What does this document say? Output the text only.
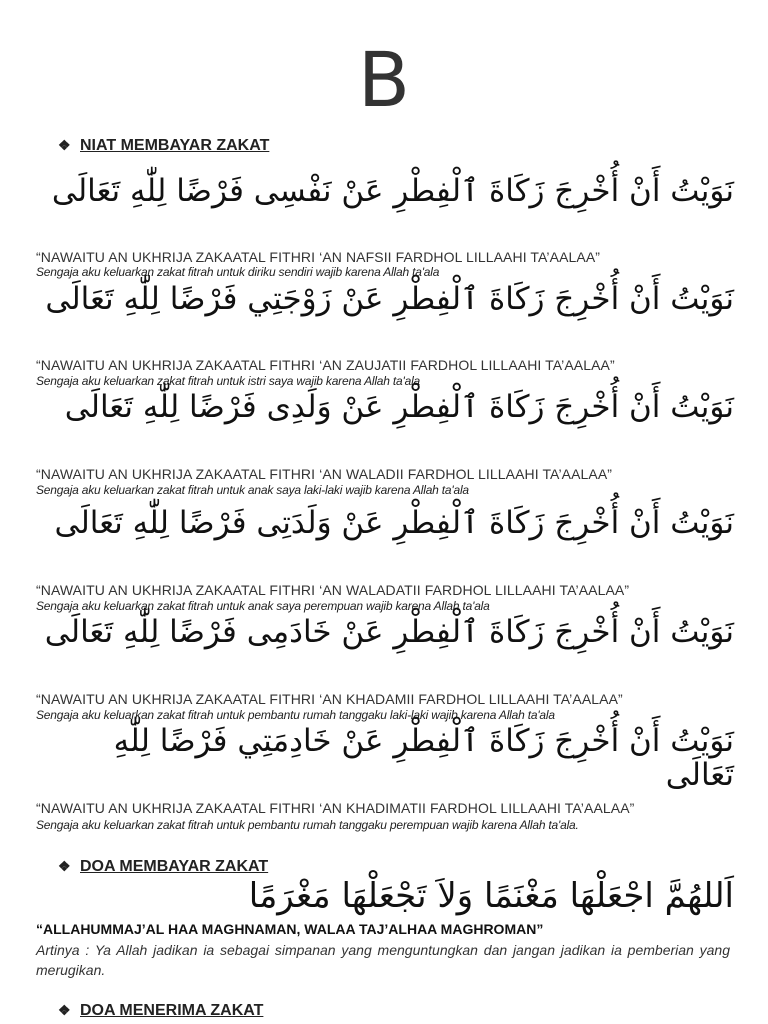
B
❖ NIAT MEMBAYAR ZAKAT
نَوَيْتُ أَنْ أُخْرِجَ زَكَاةَ ٱلْفِطْرِ عَنْ نَفْسِى فَرْضًا لِلّٰهِ تَعَالَى
“NAWAITU AN UKHRIJA ZAKAATAL FITHRI ‘AN NAFSII FARDHOL LILLAAHI TA’AALAA”
Sengaja aku keluarkan zakat fitrah untuk diriku sendiri wajib karena Allah ta'ala
نَوَيْتُ أَنْ أُخْرِجَ زَكَاةَ ٱلْفِطْرِ عَنْ زَوْجَتِي فَرْضًا لِلّٰهِ تَعَالَى
“NAWAITU AN UKHRIJA ZAKAATAL FITHRI ‘AN ZAUJATII FARDHOL LILLAAHI TA’AALAA”
Sengaja aku keluarkan zakat fitrah untuk istri saya wajib karena Allah ta'ala
نَوَيْتُ أَنْ أُخْرِجَ زَكَاةَ ٱلْفِطْرِ عَنْ وَلَدِى فَرْضًا لِلّٰهِ تَعَالَى
“NAWAITU AN UKHRIJA ZAKAATAL FITHRI ‘AN WALADII FARDHOL LILLAAHI TA’AALAA”
Sengaja aku keluarkan zakat fitrah untuk anak saya laki-laki wajib karena Allah ta'ala
نَوَيْتُ أَنْ أُخْرِجَ زَكَاةَ ٱلْفِطْرِ عَنْ وَلَدَتِى فَرْضًا لِلّٰهِ تَعَالَى
“NAWAITU AN UKHRIJA ZAKAATAL FITHRI ‘AN WALADATII FARDHOL LILLAAHI TA’AALAA”
Sengaja aku keluarkan zakat fitrah untuk anak saya perempuan wajib karena Allah ta'ala
نَوَيْتُ أَنْ أُخْرِجَ زَكَاةَ ٱلْفِطْرِ عَنْ خَادَمِى فَرْضًا لِلّٰهِ تَعَالَى
“NAWAITU AN UKHRIJA ZAKAATAL FITHRI ‘AN KHADAMII FARDHOL LILLAAHI TA’AALAA”
Sengaja aku keluarkan zakat fitrah untuk pembantu rumah tanggaku laki-laki wajib karena Allah ta'ala
نَوَيْتُ أَنْ أُخْرِجَ زَكَاةَ ٱلْفِطْرِ عَنْ خَادِمَتِي فَرْضًا لِلّٰهِ تَعَالَى
“NAWAITU AN UKHRIJA ZAKAATAL FITHRI ‘AN KHADIMATII FARDHOL LILLAAHI TA’AALAA”
Sengaja aku keluarkan zakat fitrah untuk pembantu rumah tanggaku perempuan wajib karena Allah ta'ala.
❖ DOA MEMBAYAR ZAKAT
اَللهُمَّ اجْعَلْهَا مَغْنَمًا وَلاَ تَجْعَلْهَا مَغْرَمًا
“ALLAHUMMAJ’AL HAA MAGHNAMAN, WALAA TAJ’ALHAA MAGHROMAN”
Artinya : Ya Allah jadikan ia sebagai simpanan yang menguntungkan dan jangan jadikan ia pemberian yang merugikan.
❖ DOA MENERIMA ZAKAT
